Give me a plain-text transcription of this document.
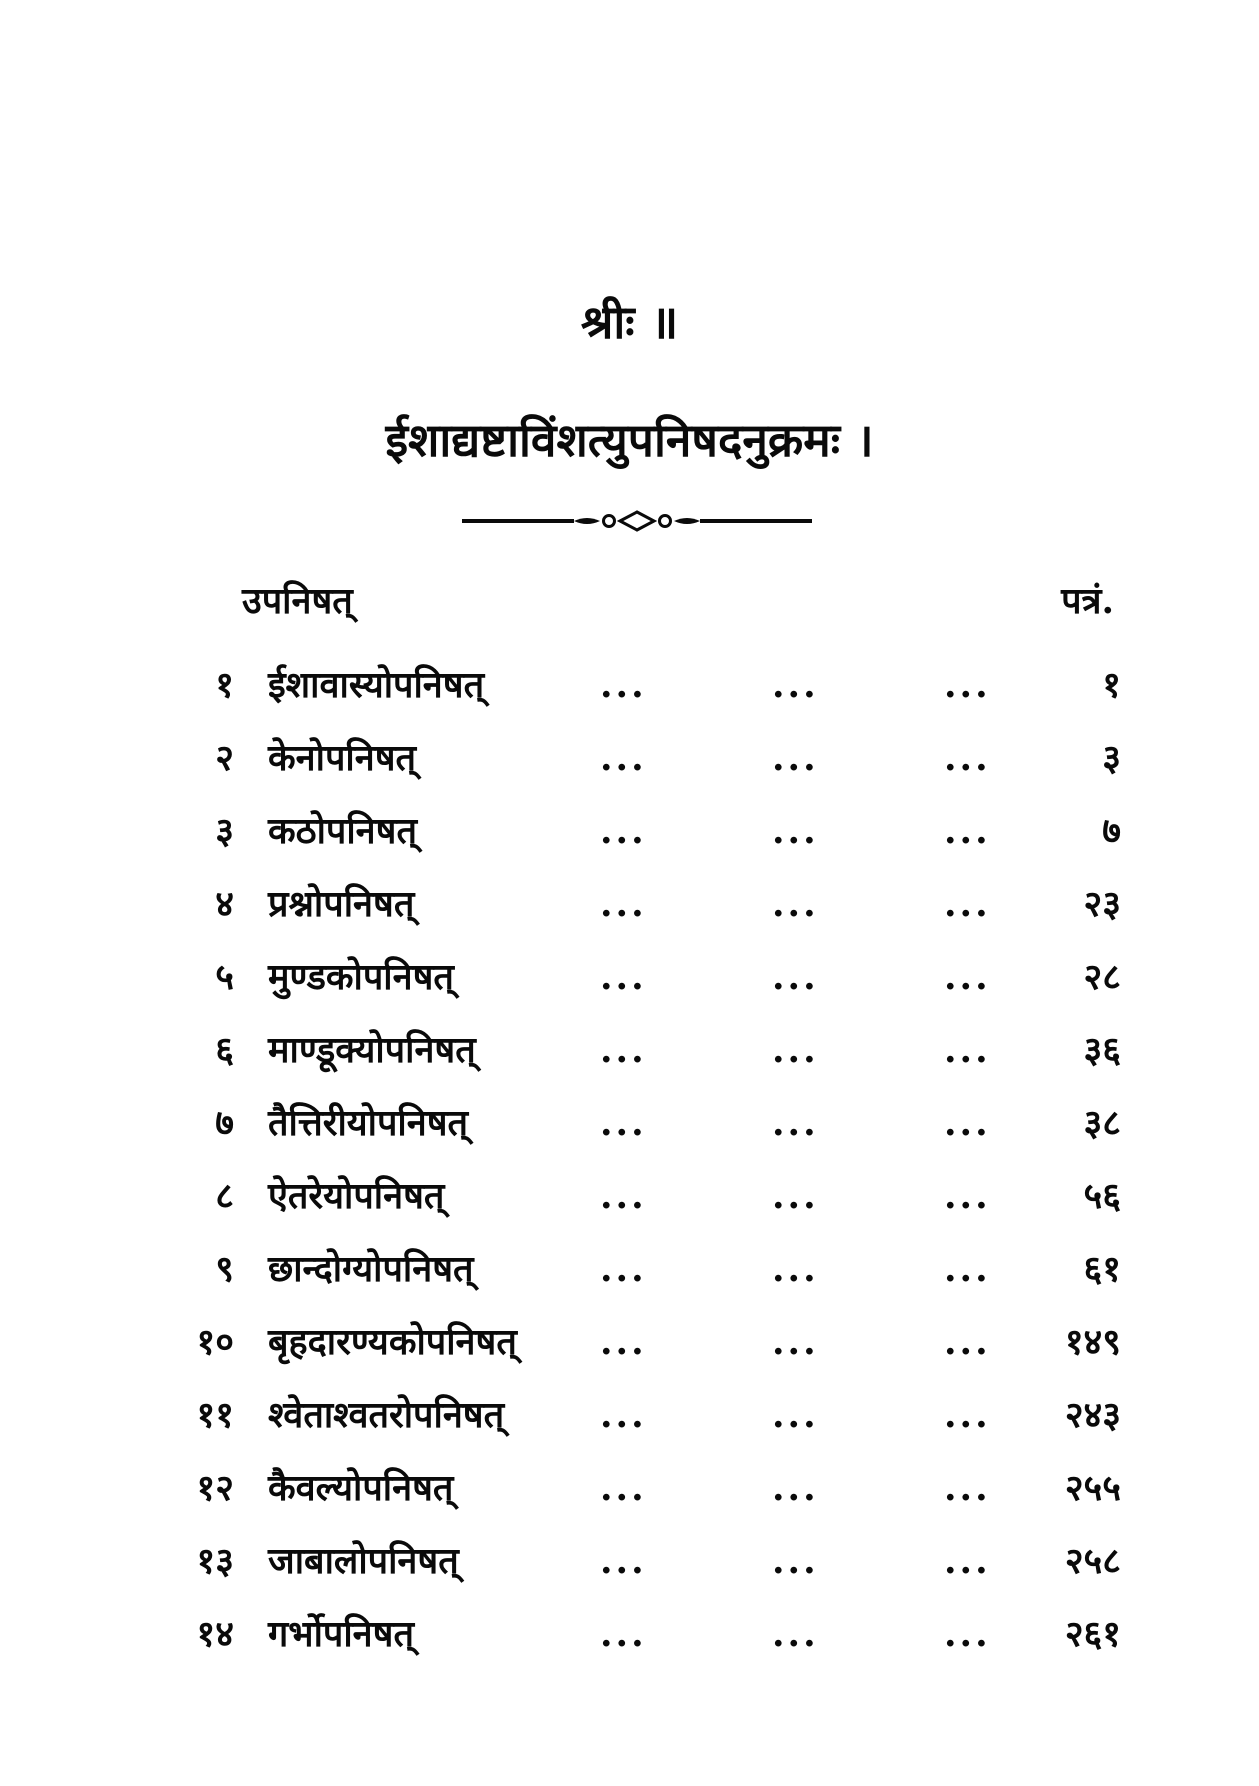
श्रीः ॥
ईशाद्यष्टाविंशत्युपनिषदनुक्रमः ।
उपनिषत्	पत्रं.
१ ईशावास्योपनिषत्	...	...	...	१
२ केनोपनिषत्	...	...	...	३
३ कठोपनिषत्	...	...	...	७
४ प्रश्नोपनिषत्	...	...	...	२३
५ मुण्डकोपनिषत्	...	...	...	२८
६ माण्डूक्योपनिषत्	...	...	...	३६
७ तैत्तिरीयोपनिषत्	...	...	...	३८
८ ऐतरेयोपनिषत्	...	...	...	५६
९ छान्दोग्योपनिषत्	...	...	...	६१
१० बृहदारण्यकोपनिषत् ...	...	... १४९
११ श्वेताश्वतरोपनिषत्	...	...	... २४३
१२ कैवल्योपनिषत्	...	...	... २५५
१३ जाबालोपनिषत्	...	...	... २५८
१४ गर्भोपनिषत्	...	...	... २६१
